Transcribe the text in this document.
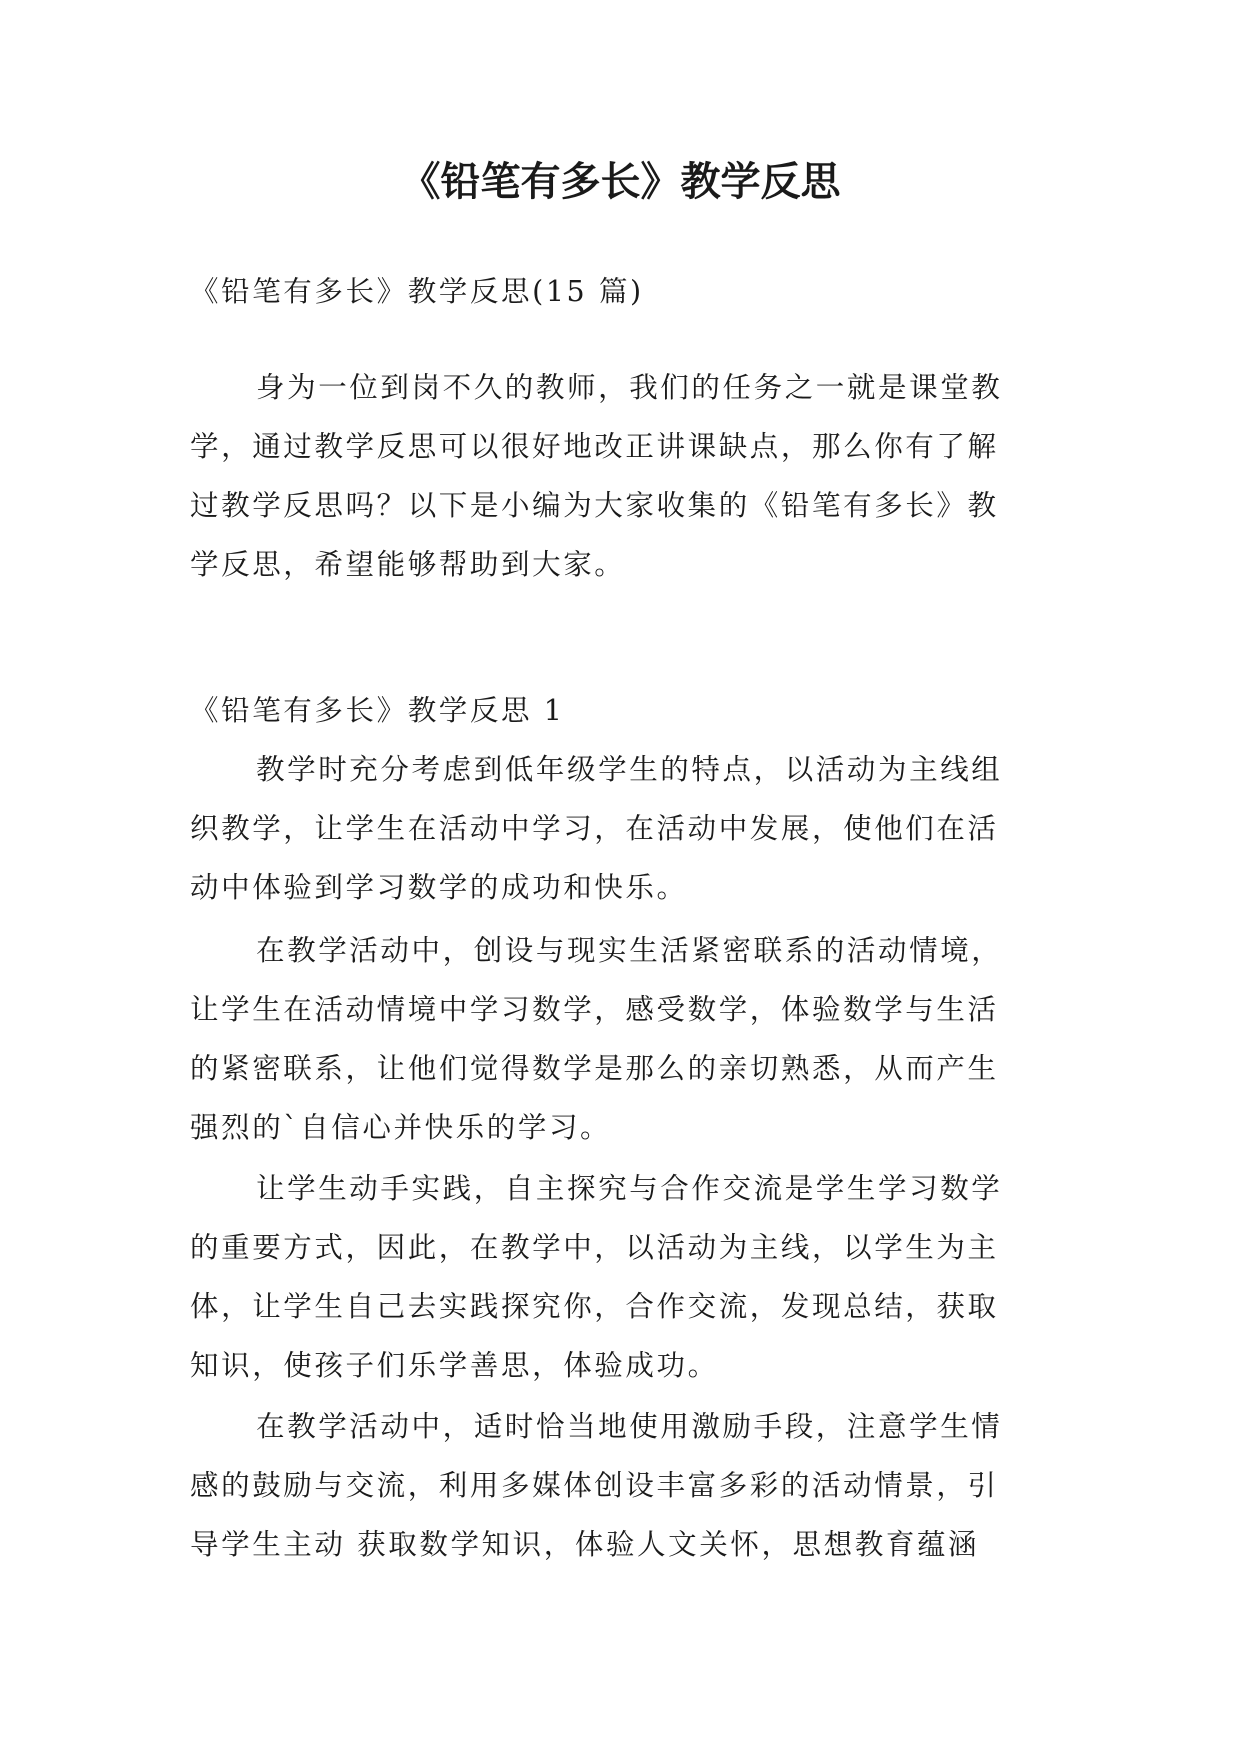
《铅笔有多长》教学反思

《铅笔有多长》教学反思(15 篇)

身为一位到岗不久的教师，我们的任务之一就是课堂教
学，通过教学反思可以很好地改正讲课缺点，那么你有了解
过教学反思吗？以下是小编为大家收集的《铅笔有多长》教
学反思，希望能够帮助到大家。

《铅笔有多长》教学反思 1

教学时充分考虑到低年级学生的特点，以活动为主线组
织教学，让学生在活动中学习，在活动中发展，使他们在活
动中体验到学习数学的成功和快乐。

在教学活动中，创设与现实生活紧密联系的活动情境，
让学生在活动情境中学习数学，感受数学，体验数学与生活
的紧密联系，让他们觉得数学是那么的亲切熟悉，从而产生
强烈的`自信心并快乐的学习。

让学生动手实践，自主探究与合作交流是学生学习数学
的重要方式，因此，在教学中，以活动为主线，以学生为主
体，让学生自己去实践探究你，合作交流，发现总结，获取
知识，使孩子们乐学善思，体验成功。

在教学活动中，适时恰当地使用激励手段，注意学生情
感的鼓励与交流，利用多媒体创设丰富多彩的活动情景，引
导学生主动 获取数学知识，体验人文关怀，思想教育蕴涵
